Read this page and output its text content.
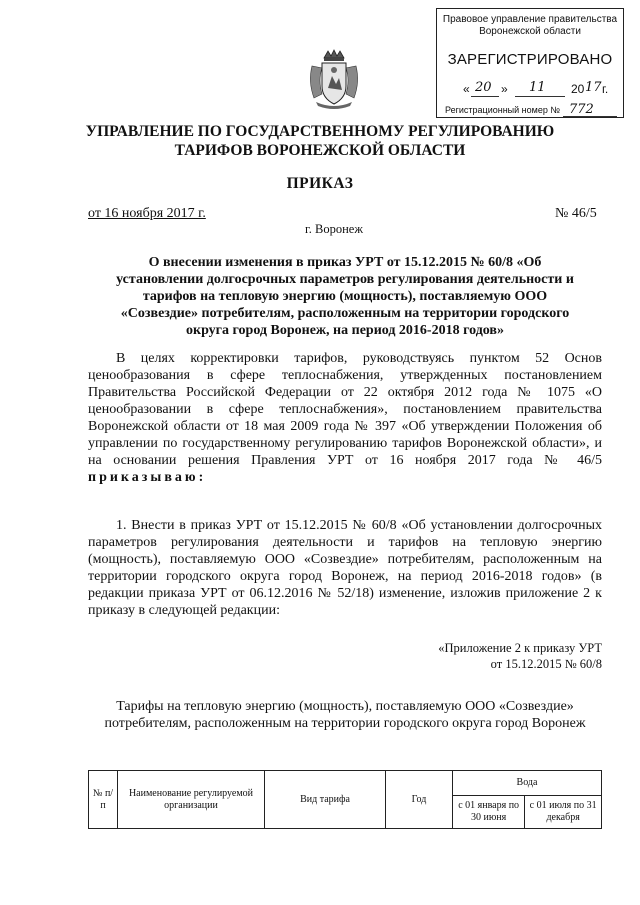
Правовое управление правительства
Воронежской области
ЗАРЕГИСТРИРОВАНО
« 20 » 11 20 17 г.
Регистрационный номер № 772
УПРАВЛЕНИЕ ПО ГОСУДАРСТВЕННОМУ РЕГУЛИРОВАНИЮ
ТАРИФОВ ВОРОНЕЖСКОЙ ОБЛАСТИ
ПРИКАЗ
от 16 ноября 2017 г.	№ 46/5
г. Воронеж
О внесении изменения в приказ УРТ от 15.12.2015 № 60/8 «Об установлении долгосрочных параметров регулирования деятельности и тарифов на тепловую энергию (мощность), поставляемую ООО «Созвездие» потребителям, расположенным на территории городского округа город Воронеж, на период 2016-2018 годов»
В целях корректировки тарифов, руководствуясь пунктом 52 Основ ценообразования в сфере теплоснабжения, утвержденных постановлением Правительства Российской Федерации от 22 октября 2012 года № 1075 «О ценообразовании в сфере теплоснабжения», постановлением правительства Воронежской области от 18 мая 2009 года № 397 «Об утверждении Положения об управлении по государственному регулированию тарифов Воронежской области», и на основании решения Правления УРТ от 16 ноября 2017 года № 46/5 приказываю:
1. Внести в приказ УРТ от 15.12.2015 № 60/8 «Об установлении долгосрочных параметров регулирования деятельности и тарифов на тепловую энергию (мощность), поставляемую ООО «Созвездие» потребителям, расположенным на территории городского округа город Воронеж, на период 2016-2018 годов» (в редакции приказа УРТ от 06.12.2016 № 52/18) изменение, изложив приложение 2 к приказу в следующей редакции:
«Приложение 2 к приказу УРТ
от 15.12.2015 № 60/8
Тарифы на тепловую энергию (мощность), поставляемую ООО «Созвездие» потребителям, расположенным на территории городского округа город Воронеж
№ п/п	Наименование регулируемой организации	Вид тарифа	Год	Вода	
				с 01 января по 30 июня	с 01 июля по 31 декабря
